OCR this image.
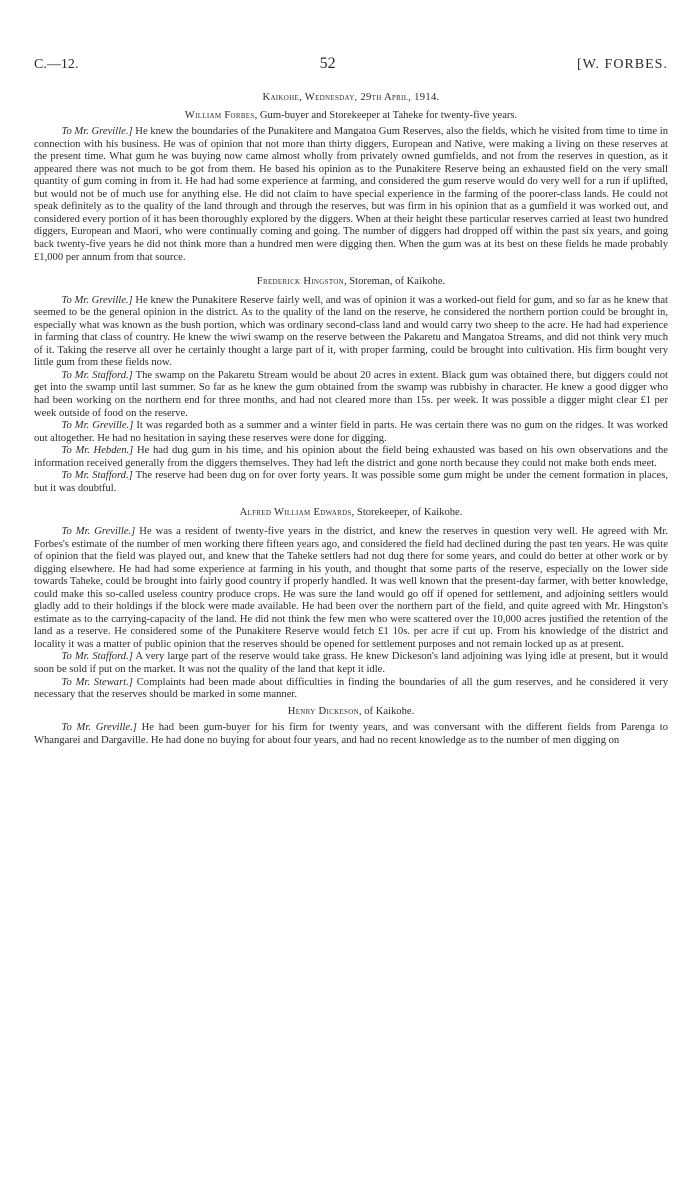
C.—12.	52	[W. FORBES.
Kaikohe, Wednesday, 29th April, 1914.
William Forbes, Gum-buyer and Storekeeper at Taheke for twenty-five years.

To Mr. Greville.] He knew the boundaries of the Punakitere and Mangatoa Gum Reserves, also the fields, which he visited from time to time in connection with his business. He was of opinion that not more than thirty diggers, European and Native, were making a living on these reserves at the present time. What gum he was buying now came almost wholly from privately owned gumfields, and not from the reserves in question, as it appeared there was not much to be got from them. He based his opinion as to the Punakitere Reserve being an exhausted field on the very small quantity of gum coming in from it. He had had some experience at farming, and considered the gum reserve would do very well for a run if uplifted, but would not be of much use for anything else. He did not claim to have special experience in the farming of the poorer-class lands. He could not speak definitely as to the quality of the land through and through the reserves, but was firm in his opinion that as a gumfield it was worked out, and considered every portion of it has been thoroughly explored by the diggers. When at their height these particular reserves carried at least two hundred diggers, European and Maori, who were continually coming and going. The number of diggers had dropped off within the past six years, and going back twenty-five years he did not think more than a hundred men were digging then. When the gum was at its best on these fields he made probably £1,000 per annum from that source.

Frederick Hingston, Storeman, of Kaikohe.

To Mr. Greville.] He knew the Punakitere Reserve fairly well, and was of opinion it was a worked-out field for gum, and so far as he knew that seemed to be the general opinion in the district. As to the quality of the land on the reserve, he considered the northern portion could be brought in, especially what was known as the bush portion, which was ordinary second-class land and would carry two sheep to the acre. He had had experience in farming that class of country. He knew the wiwi swamp on the reserve between the Pakaretu and Mangatoa Streams, and did not think very much of it. Taking the reserve all over he certainly thought a large part of it, with proper farming, could be brought into cultivation. His firm bought very little gum from these fields now.

To Mr. Stafford.] The swamp on the Pakaretu Stream would be about 20 acres in extent. Black gum was obtained there, but diggers could not get into the swamp until last summer. So far as he knew the gum obtained from the swamp was rubbishy in character. He knew a good digger who had been working on the northern end for three months, and had not cleared more than 15s. per week. It was possible a digger might clear £1 per week outside of food on the reserve.

To Mr. Greville.] It was regarded both as a summer and a winter field in parts. He was certain there was no gum on the ridges. It was worked out altogether. He had no hesitation in saying these reserves were done for digging.

To Mr. Hebden.] He had dug gum in his time, and his opinion about the field being exhausted was based on his own observations and the information received generally from the diggers themselves. They had left the district and gone north because they could not make both ends meet.

To Mr. Stafford.] The reserve had been dug on for over forty years. It was possible some gum might be under the cement formation in places, but it was doubtful.

Alfred William Edwards, Storekeeper, of Kaikohe.

To Mr. Greville.] He was a resident of twenty-five years in the district, and knew the reserves in question very well. He agreed with Mr. Forbes's estimate of the number of men working there fifteen years ago, and considered the field had declined during the past ten years. He was quite of opinion that the field was played out, and knew that the Taheke settlers had not dug there for some years, and could do better at other work or by digging elsewhere. He had had some experience at farming in his youth, and thought that some parts of the reserve, especially on the lower side towards Taheke, could be brought into fairly good country if properly handled. It was well known that the present-day farmer, with better knowledge, could make this so-called useless country produce crops. He was sure the land would go off if opened for settlement, and adjoining settlers would gladly add to their holdings if the block were made available. He had been over the northern part of the field, and quite agreed with Mr. Hingston's estimate as to the carrying-capacity of the land. He did not think the few men who were scattered over the 10,000 acres justified the retention of the land as a reserve. He considered some of the Punakitere Reserve would fetch £1 10s. per acre if cut up. From his knowledge of the district and locality it was a matter of public opinion that the reserves should be opened for settlement purposes and not remain locked up as at present.

To Mr. Stafford.] A very large part of the reserve would take grass. He knew Dickeson's land adjoining was lying idle at present, but it would soon be sold if put on the market. It was not the quality of the land that kept it idle.

To Mr. Stewart.] Complaints had been made about difficulties in finding the boundaries of all the gum reserves, and he considered it very necessary that the reserves should be marked in some manner.

Henry Dickeson, of Kaikohe.

To Mr. Greville.] He had been gum-buyer for his firm for twenty years, and was conversant with the different fields from Parenga to Whangarei and Dargaville. He had done no buying for about four years, and had no recent knowledge as to the number of men digging on
